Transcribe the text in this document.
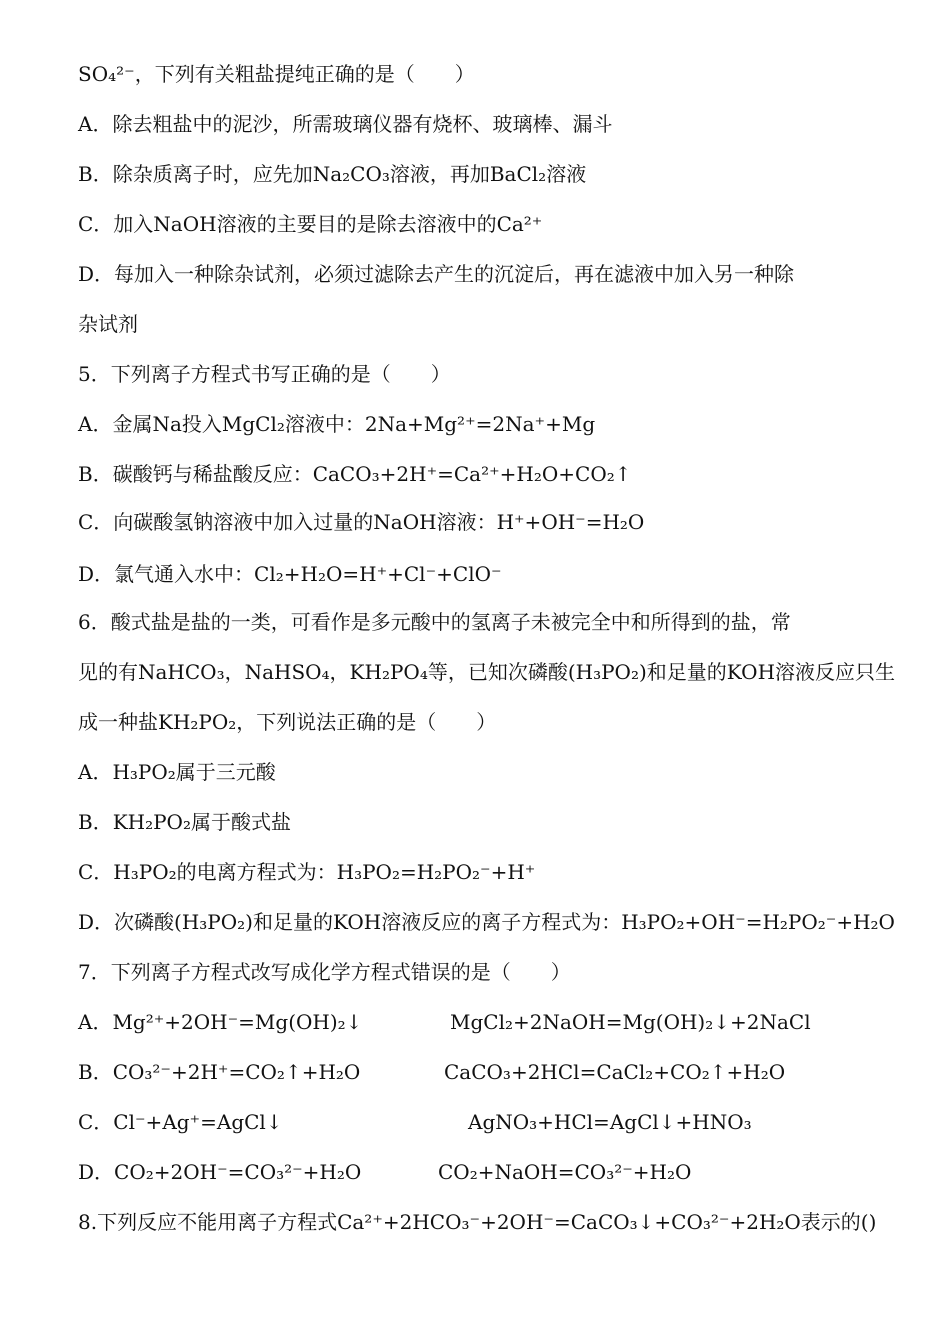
SO₄²⁻，下列有关粗盐提纯正确的是（　　）
A．除去粗盐中的泥沙，所需玻璃仪器有烧杯、玻璃棒、漏斗
B．除杂质离子时，应先加Na₂CO₃溶液，再加BaCl₂溶液
C．加入NaOH溶液的主要目的是除去溶液中的Ca²⁺
D．每加入一种除杂试剂，必须过滤除去产生的沉淀后，再在滤液中加入另一种除
杂试剂
5．下列离子方程式书写正确的是（　　）
A．金属Na投入MgCl₂溶液中：2Na+Mg²⁺=2Na⁺+Mg
B．碳酸钙与稀盐酸反应：CaCO₃+2H⁺=Ca²⁺+H₂O+CO₂↑
C．向碳酸氢钠溶液中加入过量的NaOH溶液：H⁺+OH⁻=H₂O
D．氯气通入水中：Cl₂+H₂O=H⁺+Cl⁻+ClO⁻
6．酸式盐是盐的一类，可看作是多元酸中的氢离子未被完全中和所得到的盐，常
见的有NaHCO₃，NaHSO₄，KH₂PO₄等，已知次磷酸(H₃PO₂)和足量的KOH溶液反应只生
成一种盐KH₂PO₂，下列说法正确的是（　　）
A．H₃PO₂属于三元酸
B．KH₂PO₂属于酸式盐
C．H₃PO₂的电离方程式为：H₃PO₂=H₂PO₂⁻+H⁺
D．次磷酸(H₃PO₂)和足量的KOH溶液反应的离子方程式为：H₃PO₂+OH⁻=H₂PO₂⁻+H₂O
7．下列离子方程式改写成化学方程式错误的是（　　）
A．Mg²⁺+2OH⁻=Mg(OH)₂↓	MgCl₂+2NaOH=Mg(OH)₂↓+2NaCl
B．CO₃²⁻+2H⁺=CO₂↑+H₂O	CaCO₃+2HCl=CaCl₂+CO₂↑+H₂O
C．Cl⁻+Ag⁺=AgCl↓	AgNO₃+HCl=AgCl↓+HNO₃
D．CO₂+2OH⁻=CO₃²⁻+H₂O	CO₂+NaOH=CO₃²⁻+H₂O
8.下列反应不能用离子方程式Ca²⁺+2HCO₃⁻+2OH⁻=CaCO₃↓+CO₃²⁻+2H₂O表示的()
